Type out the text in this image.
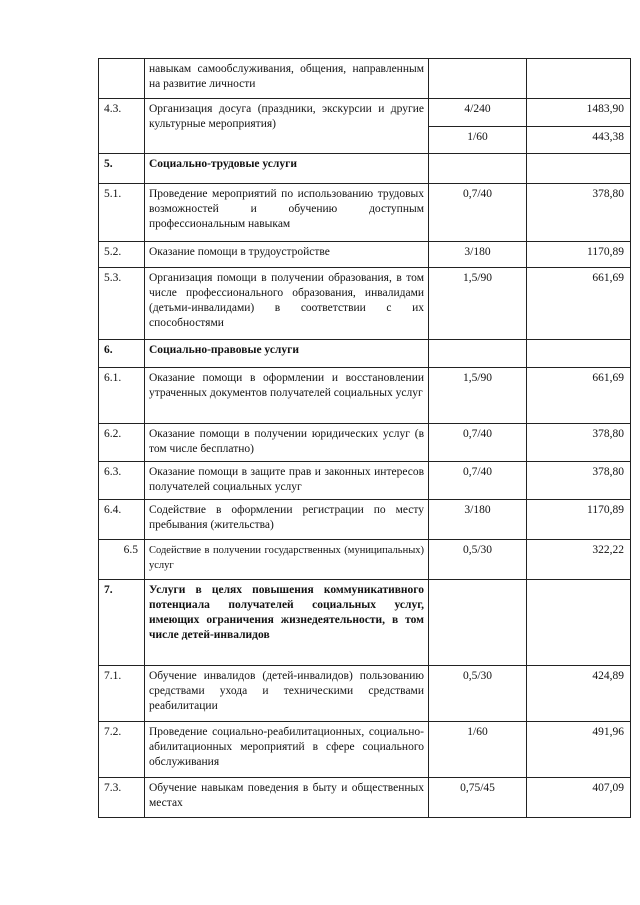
	навыкам самообслуживания, общения, направленным на развитие личности		
4.3.	Организация досуга (праздники, экскурсии и другие культурные мероприятия)	4/240	1483,90
		1/60	443,38
5.	Социально-трудовые услуги		
5.1.	Проведение мероприятий по использованию трудовых возможностей и обучению доступным профессиональным навыкам	0,7/40	378,80
5.2.	Оказание помощи в трудоустройстве	3/180	1170,89
5.3.	Организация помощи в получении образования, в том числе профессионального образования, инвалидами (детьми-инвалидами) в соответствии с их способностями	1,5/90	661,69
6.	Социально-правовые услуги		
6.1.	Оказание помощи в оформлении и восстановлении утраченных документов получателей социальных услуг	1,5/90	661,69
6.2.	Оказание помощи в получении юридических услуг (в том числе бесплатно)	0,7/40	378,80
6.3.	Оказание помощи в защите прав и законных интересов получателей социальных услуг	0,7/40	378,80
6.4.	Содействие в оформлении регистрации по месту пребывания (жительства)	3/180	1170,89
6.5	Содействие в получении государственных (муниципальных) услуг	0,5/30	322,22
7.	Услуги в целях повышения коммуникативного потенциала получателей социальных услуг, имеющих ограничения жизнедеятельности, в том числе детей-инвалидов		
7.1.	Обучение инвалидов (детей-инвалидов) пользованию средствами ухода и техническими средствами реабилитации	0,5/30	424,89
7.2.	Проведение социально-реабилитационных, социально-абилитационных мероприятий в сфере социального обслуживания	1/60	491,96
7.3.	Обучение навыкам поведения в быту и общественных местах	0,75/45	407,09
